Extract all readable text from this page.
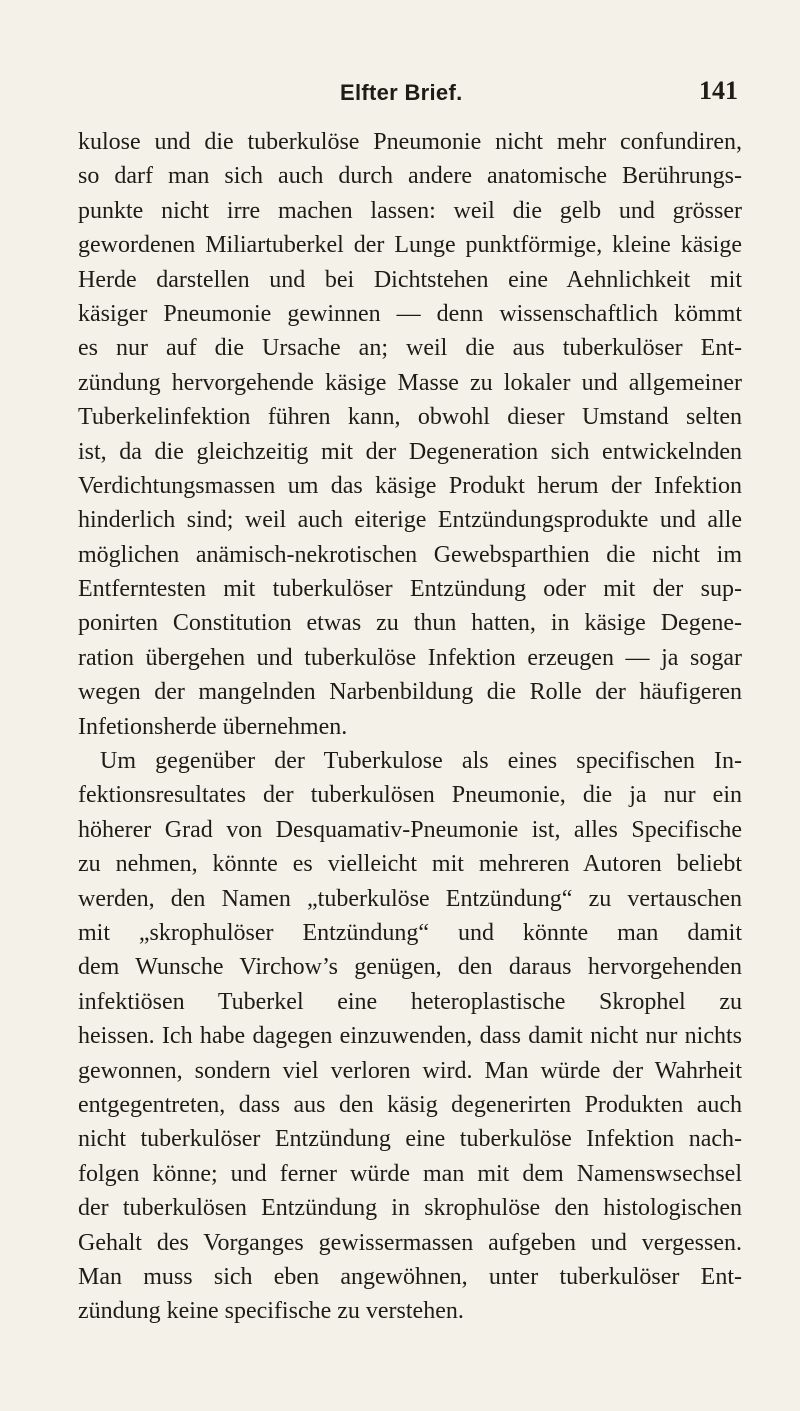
Elfter Brief.	141
kulose und die tuberkulöse Pneumonie nicht mehr confundiren,
so darf man sich auch durch andere anatomische Berührungs-
punkte nicht irre machen lassen: weil die gelb und grösser
gewordenen Miliartuberkel der Lunge punktförmige, kleine käsige
Herde darstellen und bei Dichtstehen eine Aehnlichkeit mit
käsiger Pneumonie gewinnen — denn wissenschaftlich kömmt
es nur auf die Ursache an; weil die aus tuberkulöser Ent-
zündung hervorgehende käsige Masse zu lokaler und allgemeiner
Tuberkelinfektion führen kann, obwohl dieser Umstand selten
ist, da die gleichzeitig mit der Degeneration sich entwickelnden
Verdichtungsmassen um das käsige Produkt herum der Infektion
hinderlich sind; weil auch eiterige Entzündungsprodukte und alle
möglichen anämisch-nekrotischen Gewebsparthien die nicht im
Entferntesten mit tuberkulöser Entzündung oder mit der sup-
ponirten Constitution etwas zu thun hatten, in käsige Degene-
ration übergehen und tuberkulöse Infektion erzeugen — ja sogar
wegen der mangelnden Narbenbildung die Rolle der häufigeren
Infetionsherde übernehmen.
Um gegenüber der Tuberkulose als eines specifischen In-
fektionsresultates der tuberkulösen Pneumonie, die ja nur ein
höherer Grad von Desquamativ-Pneumonie ist, alles Specifische
zu nehmen, könnte es vielleicht mit mehreren Autoren beliebt
werden, den Namen „tuberkulöse Entzündung“ zu vertauschen
mit „skrophulöser Entzündung“ und könnte man damit
dem Wunsche Virchow’s genügen, den daraus hervorgehenden
infektiösen Tuberkel eine heteroplastische Skrophel zu
heissen. Ich habe dagegen einzuwenden, dass damit nicht nur nichts
gewonnen, sondern viel verloren wird. Man würde der Wahrheit
entgegentreten, dass aus den käsig degenerirten Produkten auch
nicht tuberkulöser Entzündung eine tuberkulöse Infektion nach-
folgen könne; und ferner würde man mit dem Namenswsechsel
der tuberkulösen Entzündung in skrophulöse den histologischen
Gehalt des Vorganges gewissermassen aufgeben und vergessen.
Man muss sich eben angewöhnen, unter tuberkulöser Ent-
zündung keine specifische zu verstehen.
